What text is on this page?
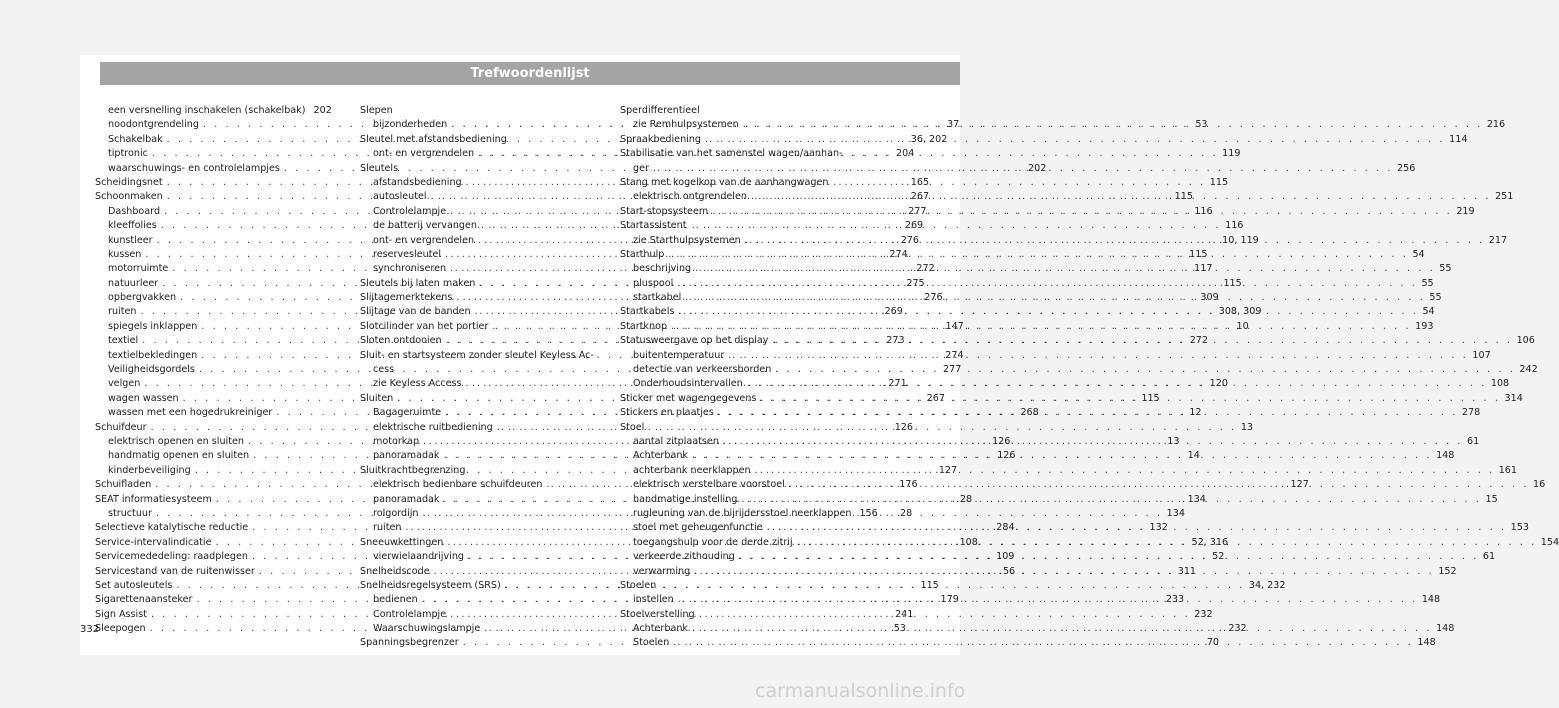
Trefwoordenlijst
een versnelling inschakelen (schakelbak) 202
noodontgrendeling . . .	37
Schakelbak . . .	36, 202
tiptronic . . .	204
waarschuwings- en controlelampjes . . .	202
Scheidingsnet . . .	165
Schoonmaken . . .	267
Dashboard . . .	277
kleeffolies . . .	269
kunstleer . . .	276
kussen . . .	274
motorruimte . . .	272
natuurleer . . .	275
opbergvakken . . .	276
ruiten . . .	269
spiegels inklappen . . .	147
textiel . . .	273
textielbekledingen . . .	274
Veiligheidsgordels . . .	277
velgen . . .	271
wagen wassen . . .	267
wassen met een hogedrukreiniger . . .	268
Schuifdeur . . .	126
elektrisch openen en sluiten . . .	126
handmatig openen en sluiten . . .	126
kinderbeveiliging . . .	127
Schuifladen . . .	176
SEAT informatiesysteem . . .	28
structuur . . .	28
Selectieve katalytische reductie . . .	284
Service-intervalindicatie . . .	108
Servicemededeling: raadplegen . . .	109
Servicestand van de ruitenwisser . . .	56
Set autosleutels . . .	115
Sigarettenaansteker . . .	179
Sign Assist . . .	241
Sleepogen . . .	53
Slepen
bijzonderheden . . .	53
Sleutel met afstandsbediening
ont- en vergrendelen . . .	119
Sleutels
afstandsbediening . . .	115
autosleutel . . .	115
Controlelampje . . .	116
de batterij vervangen . . .	116
ont- en vergrendelen . . .	10, 119
reservesleutel . . .	115
synchroniseren . . .	117
Sleutels bij laten maken . . .	115
Slijtagemerktekens . . .	309
Slijtage van de banden . . .	308, 309
Slotcilinder van het portier . . .	10
Sloten ontdooien . . .	272
Sluit- en startsysteem zonder sleutel Keyless Ac-
cess
zie Keyless Access . . .	120
Sluiten . . .	115
Bagageruimte . . .	12
elektrische ruitbediening . . .	13
motorkap . . .	13
panoramadak . . .	14
Sluitkrachtbegrenzing
elektrisch bedienbare schuifdeuren . . .	127
panoramadak . . .	134
rolgordijn . . .	134
ruiten . . .	132
Sneeuwkettingen . . .	52, 316
vierwielaandrijving . . .	52
Snelheidscode . . .	311
Snelheidsregelsysteem (SRS) . . .	34, 232
bedienen . . .	233
Controlelampje . . .	232
Waarschuwingslampje . . .	232
Spanningsbegrenzer . . .	70
Sperdifferentieel
zie Remhulpsystemen . . .	216
Spraakbediening . . .	114
Stabilisatie van het samenstel wagen/aanhan-
ger . . .	256
Stang met kogelkop van de aanhangwagen
elektrisch ontgrendelen . . .	251
Start-stopsysteem . . .	219
Startassistent
zie Starthulpsystemen . . .	217
Starthulp . . .	54
beschrijving . . .	55
pluspool . . .	55
startkabel . . .	55
Startkabels . . .	54
Startknop . . .	193
Statusweergave op het display . . .	106
buitentemperatuur . . .	107
detectie van verkeersborden . . .	242
Onderhoudsintervallen . . .	108
Sticker met wagengegevens . . .	314
Stickers en plaatjes . . .	278
Stoel
aantal zitplaatsen . . .	61
Achterbank . . .	148
achterbank neerklappen . . .	161
elektrisch verstelbare voorstoel . . .	16
handmatige instelling . . .	15
rugleuning van de bijrijdersstoel neerklappen 156
stoel met geheugenfunctie . . .	153
toegangshulp voor de derde zitrij . . .	154
verkeerde zithouding . . .	61
verwarming . . .	152
Stoelen
instellen . . .	148
Stoelverstelling
Achterbank . . .	148
Stoelen . . .	148
332
carmanualsonline.info
